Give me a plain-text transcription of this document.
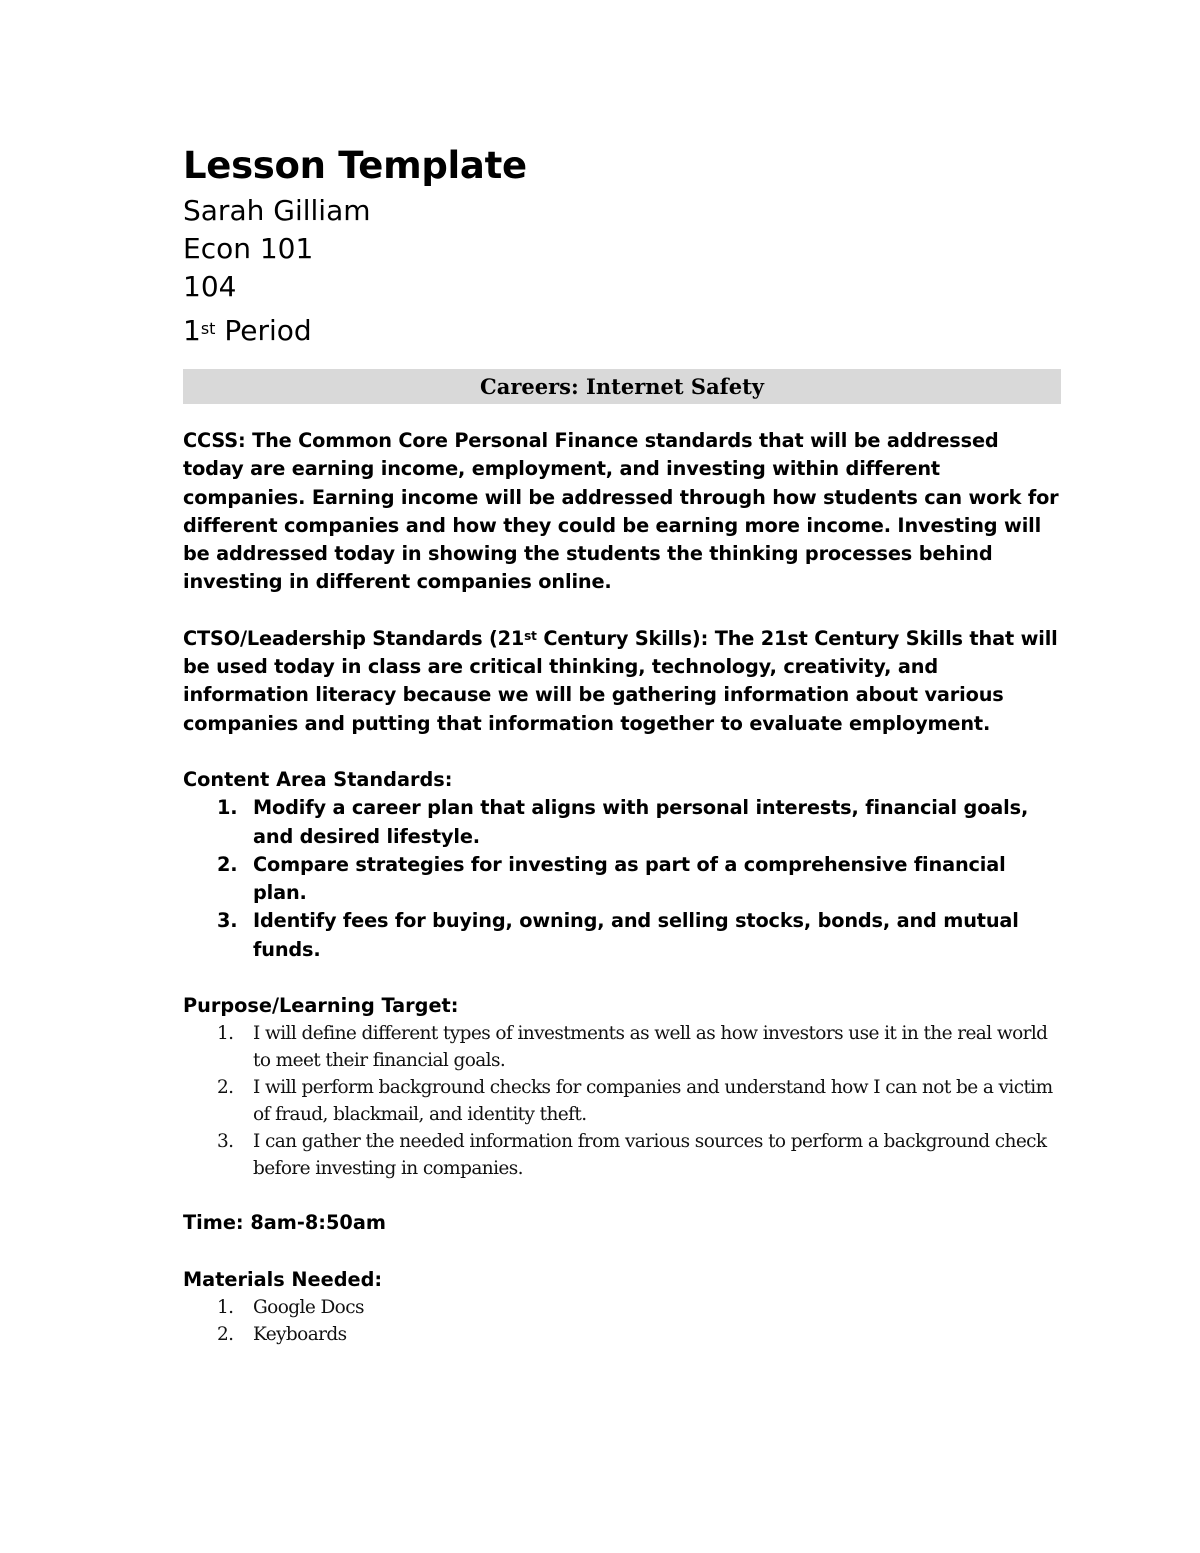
Lesson Template

Sarah Gilliam

Econ 101

104

1st Period

Careers: Internet Safety

CCSS: The Common Core Personal Finance standards that will be addressed today are earning income, employment, and investing within different companies. Earning income will be addressed through how students can work for different companies and how they could be earning more income. Investing will be addressed today in showing the students the thinking processes behind investing in different companies online.

CTSO/Leadership Standards (21st Century Skills): The 21st Century Skills that will be used today in class are critical thinking, technology, creativity, and information literacy because we will be gathering information about various companies and putting that information together to evaluate employment.

Content Area Standards:

1. Modify a career plan that aligns with personal interests, financial goals, and desired lifestyle.
2. Compare strategies for investing as part of a comprehensive financial plan.
3. Identify fees for buying, owning, and selling stocks, bonds, and mutual funds.

Purpose/Learning Target:

1. I will define different types of investments as well as how investors use it in the real world to meet their financial goals.
2. I will perform background checks for companies and understand how I can not be a victim of fraud, blackmail, and identity theft.
3. I can gather the needed information from various sources to perform a background check before investing in companies.

Time: 8am-8:50am

Materials Needed:

1. Google Docs
2. Keyboards
